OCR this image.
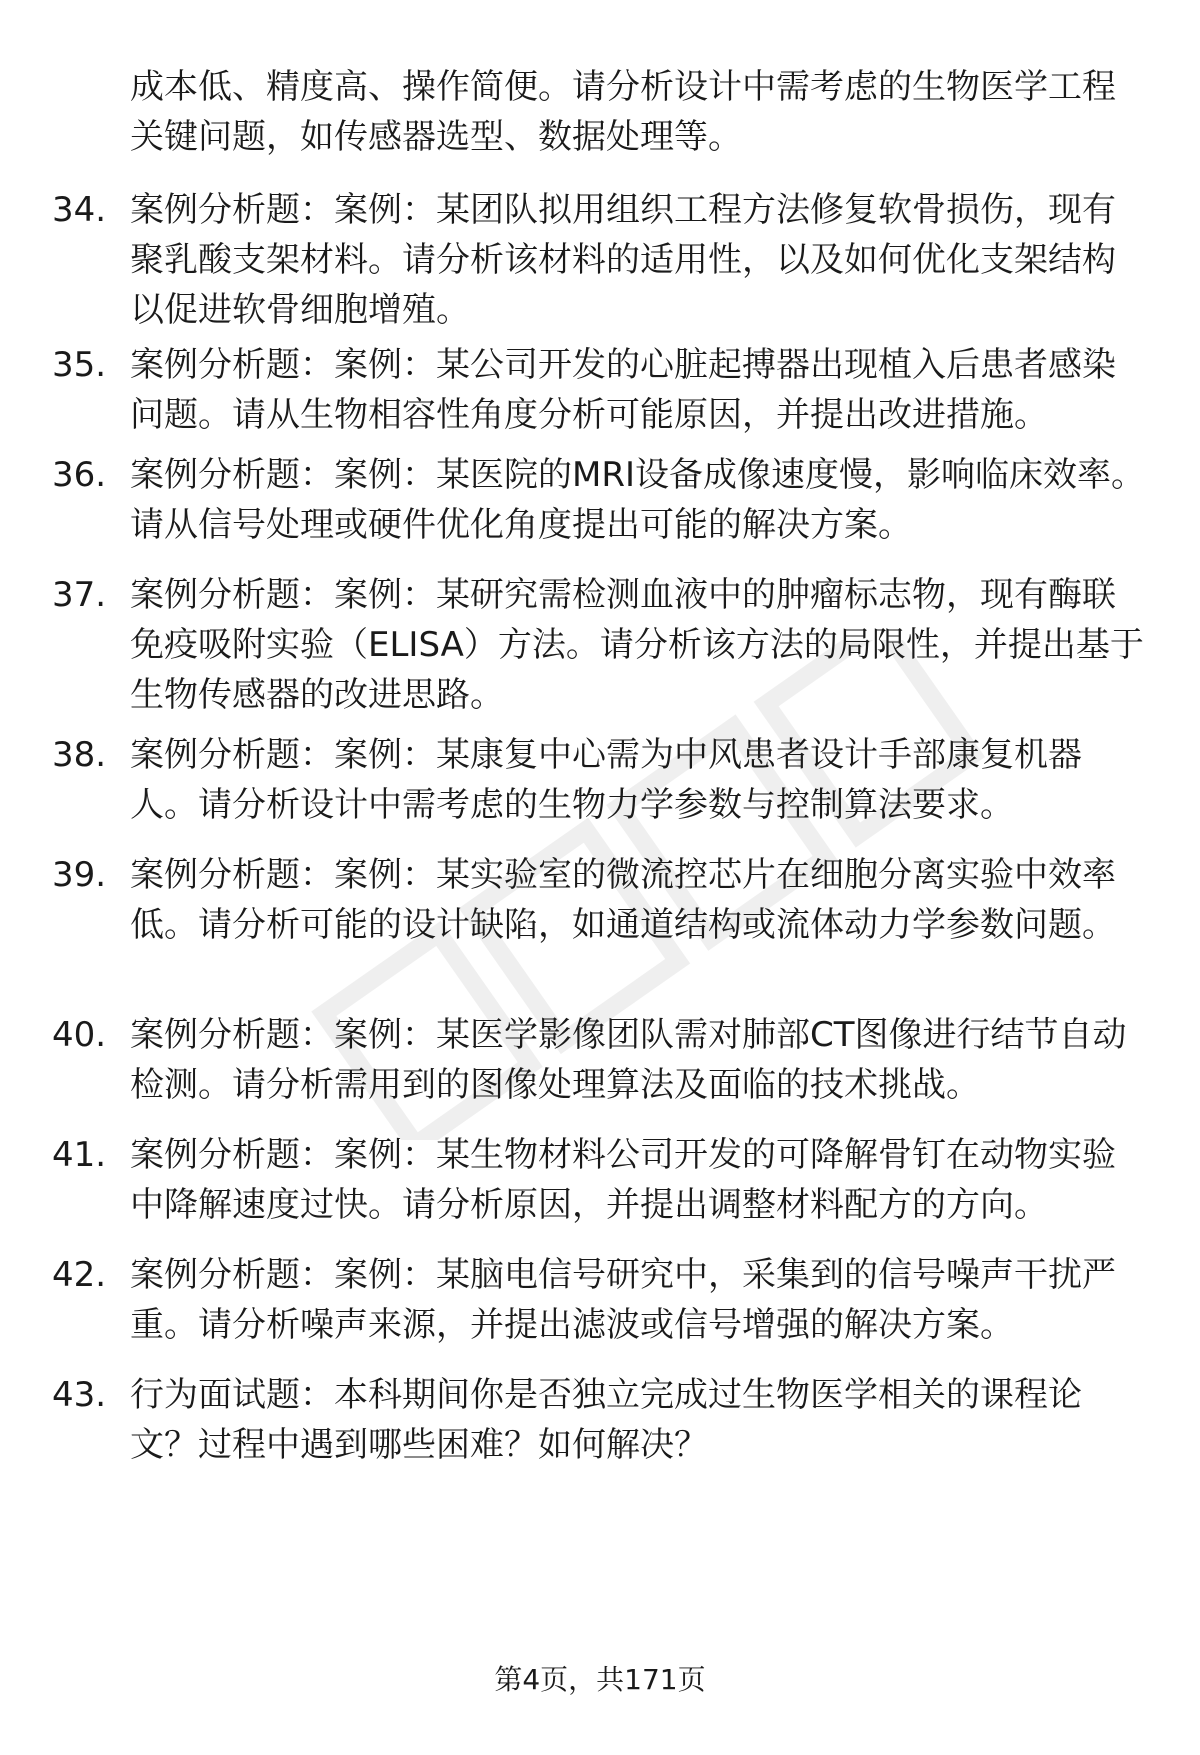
成本低、精度高、操作简便。请分析设计中需考虑的生物医学工程关键问题，如传感器选型、数据处理等。
34. 案例分析题：案例：某团队拟用组织工程方法修复软骨损伤，现有聚乳酸支架材料。请分析该材料的适用性，以及如何优化支架结构以促进软骨细胞增殖。
35. 案例分析题：案例：某公司开发的心脏起搏器出现植入后患者感染问题。请从生物相容性角度分析可能原因，并提出改进措施。
36. 案例分析题：案例：某医院的MRI设备成像速度慢，影响临床效率。请从信号处理或硬件优化角度提出可能的解决方案。
37. 案例分析题：案例：某研究需检测血液中的肿瘤标志物，现有酶联免疫吸附实验（ELISA）方法。请分析该方法的局限性，并提出基于生物传感器的改进思路。
38. 案例分析题：案例：某康复中心需为中风患者设计手部康复机器人。请分析设计中需考虑的生物力学参数与控制算法要求。
39. 案例分析题：案例：某实验室的微流控芯片在细胞分离实验中效率低。请分析可能的设计缺陷，如通道结构或流体动力学参数问题。
40. 案例分析题：案例：某医学影像团队需对肺部CT图像进行结节自动检测。请分析需用到的图像处理算法及面临的技术挑战。
41. 案例分析题：案例：某生物材料公司开发的可降解骨钉在动物实验中降解速度过快。请分析原因，并提出调整材料配方的方向。
42. 案例分析题：案例：某脑电信号研究中，采集到的信号噪声干扰严重。请分析噪声来源，并提出滤波或信号增强的解决方案。
43. 行为面试题：本科期间你是否独立完成过生物医学相关的课程论文？过程中遇到哪些困难？如何解决？
第4页，共171页
